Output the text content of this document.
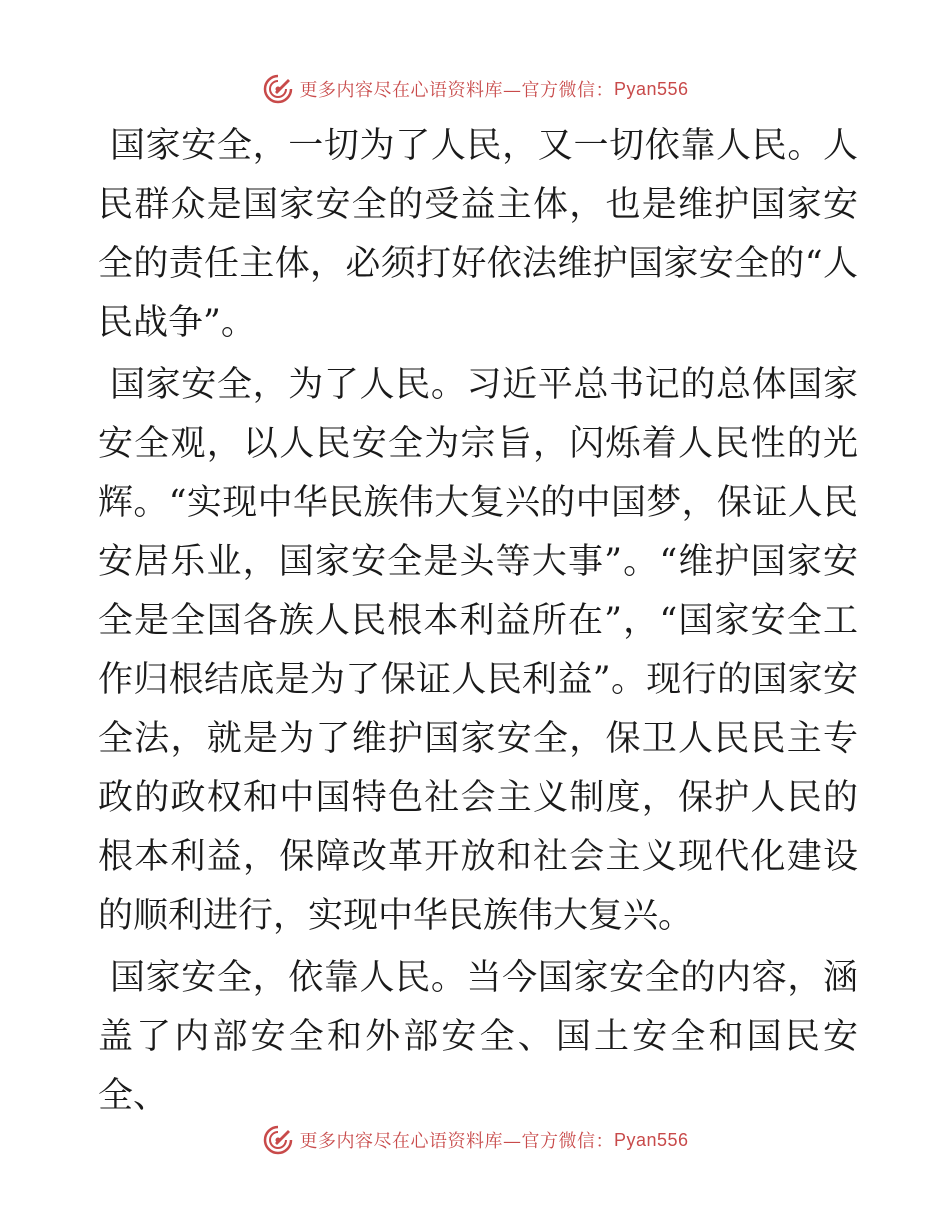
更多内容尽在心语资料库—官方微信： Pyan556

国家安全，一切为了人民，又一切依靠人民。人民群众是国家安全的受益主体，也是维护国家安全的责任主体，必须打好依法维护国家安全的“人民战争”。

国家安全，为了人民。习近平总书记的总体国家安全观，以人民安全为宗旨，闪烁着人民性的光辉。“实现中华民族伟大复兴的中国梦，保证人民安居乐业，国家安全是头等大事”。“维护国家安全是全国各族人民根本利益所在”，“国家安全工作归根结底是为了保证人民利益”。现行的国家安全法，就是为了维护国家安全，保卫人民民主专政的政权和中国特色社会主义制度，保护人民的根本利益，保障改革开放和社会主义现代化建设的顺利进行，实现中华民族伟大复兴。

国家安全，依靠人民。当今国家安全的内容，涵盖了内部安全和外部安全、国土安全和国民安全、

更多内容尽在心语资料库—官方微信： Pyan556
